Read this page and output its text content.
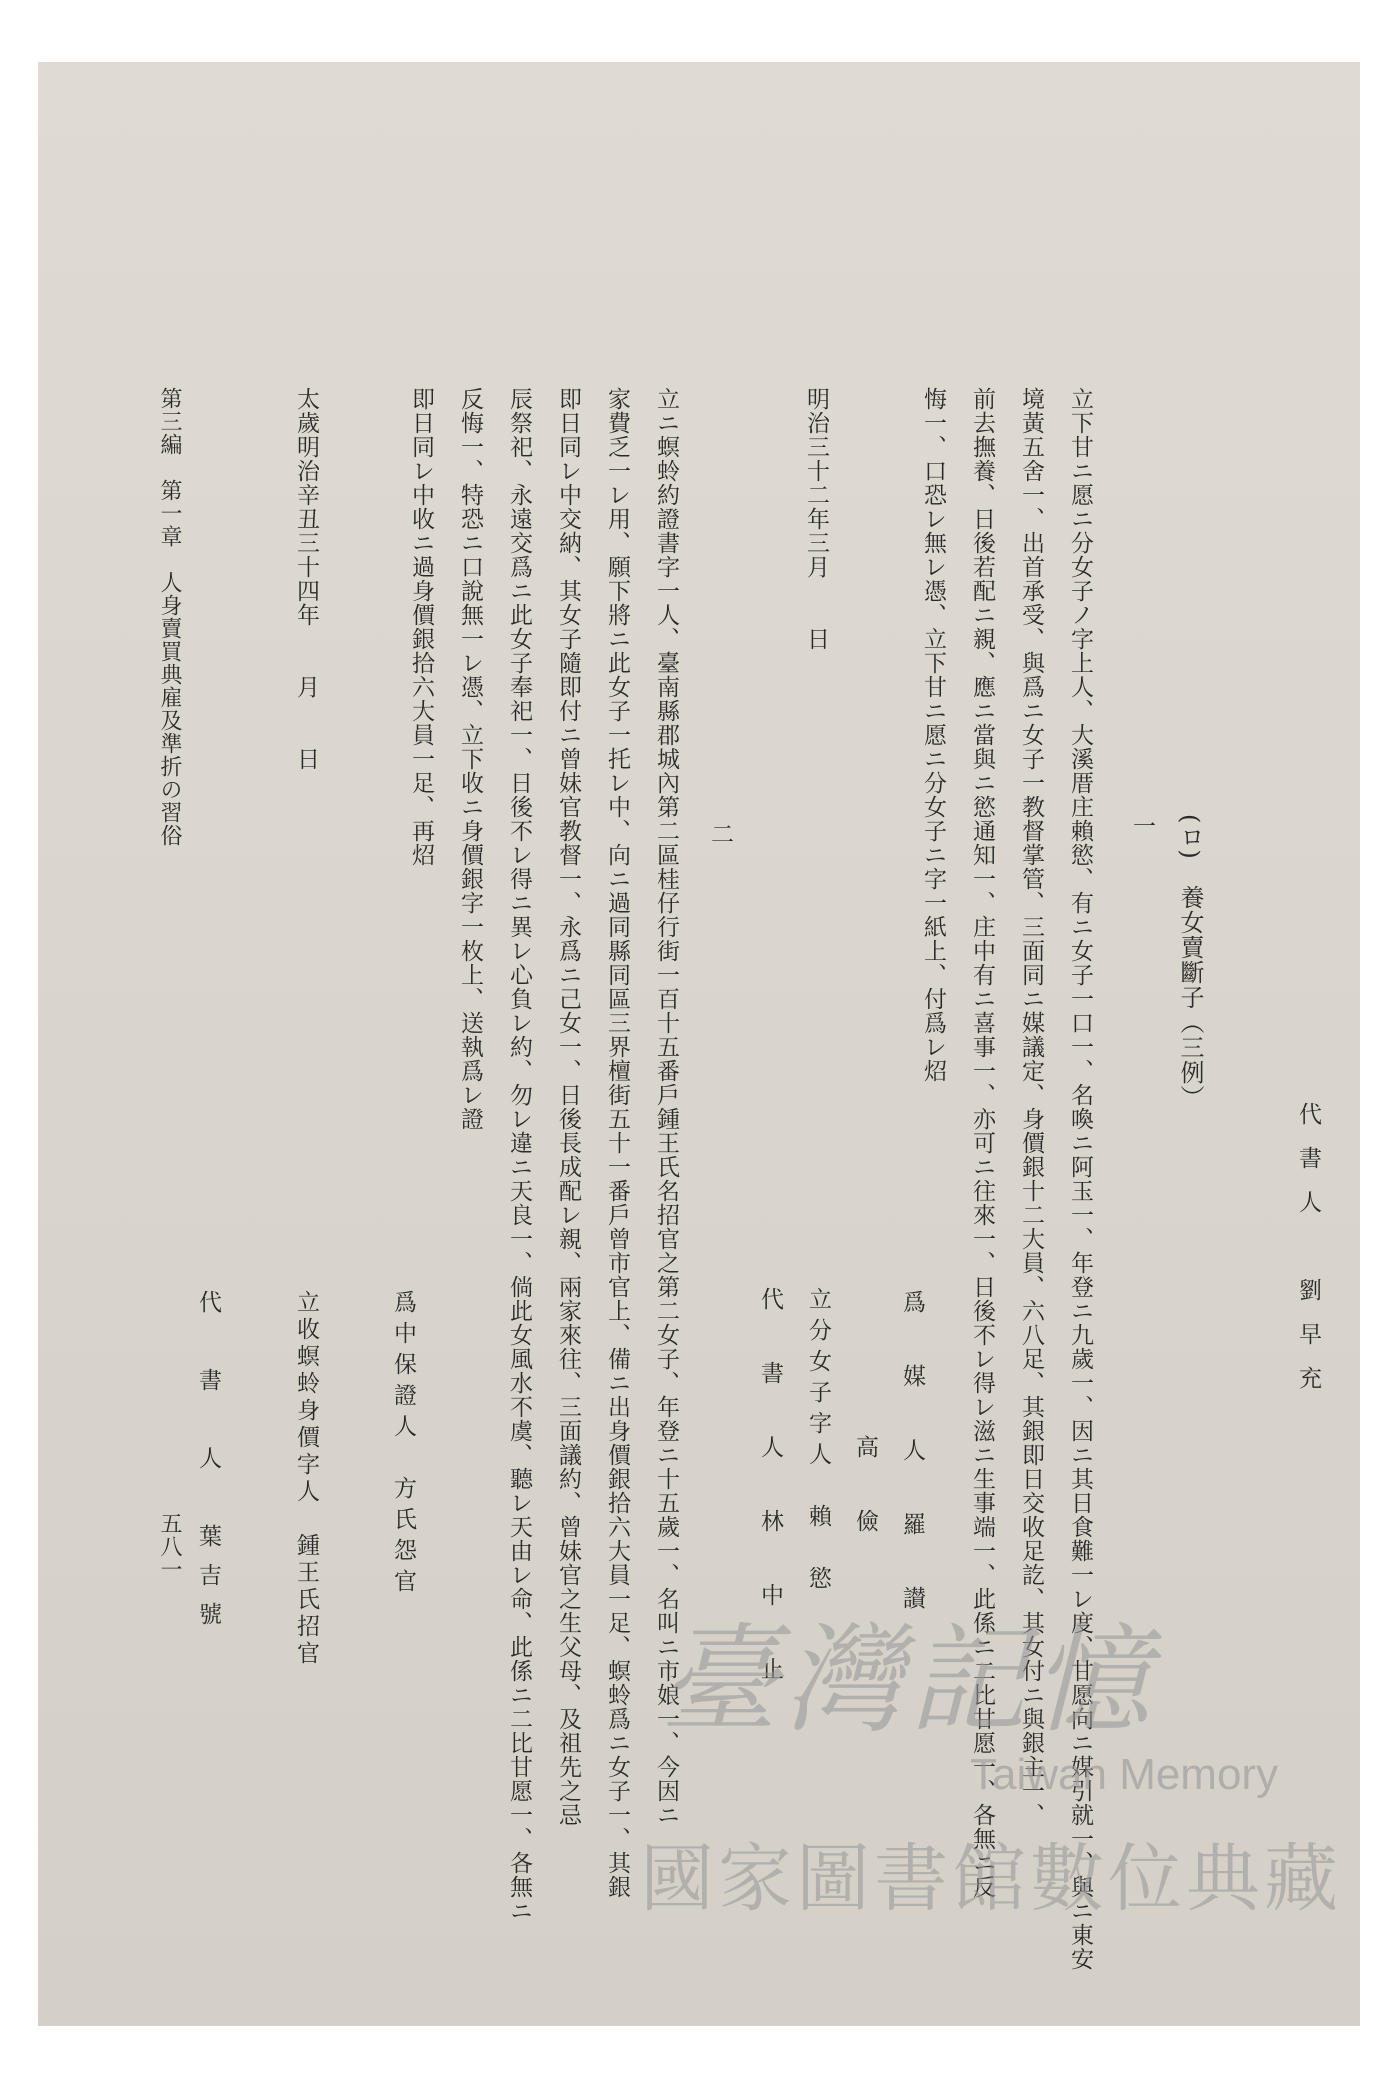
代書人　劉早充
(ロ)　養女賣斷子（三例）
一
立下甘ニ愿ニ分女子ノ字上人、大溪厝庄賴慾、有ニ女子一口一、名喚ニ阿玉一、年登ニ九歲一、因ニ其日食難一レ度、甘愿向ニ媒引就一、與ニ東安
境黃五舍一、出首承受、與爲ニ女子一教督掌管、三面同ニ媒議定、身價銀十二大員、六八足、其銀即日交收足訖、其女付ニ與銀主一、
前去撫養、日後若配ニ親、應ニ當與ニ慾通知一、庄中有ニ喜事一、亦可ニ往來一、日後不レ得レ滋ニ生事端一、此係ニ二比甘愿一、各無ニ反
悔一、口恐レ無レ憑、立下甘ニ愿ニ分女子ニ字一紙上、付爲レ炤
明治三十二年三月　　日
爲　媒　人　羅　讃
高　儉
立分女子字人　賴　慾
代　書　人　林　中　止
二
立ニ螟蛉約證書字一人、臺南縣郡城內第二區桂仔行街一百十五番戶鍾王氏名招官之第二女子、年登ニ十五歲一、名叫ニ市娘一、今因ニ
家費乏一レ用、願下將ニ此女子一托レ中、向ニ過同縣同區三界檀街五十一番戶曾市官上、備ニ出身價銀拾六大員一足、螟蛉爲ニ女子一、其銀
即日同レ中交納、其女子隨即付ニ曾妹官教督一、永爲ニ己女一、日後長成配レ親、兩家來往、三面議約、曾妹官之生父母、及祖先之忌
辰祭祀、永遠交爲ニ此女子奉祀一、日後不レ得ニ異レ心負レ約、勿レ違ニ天良一、倘此女風水不虞、聽レ天由レ命、此係ニ二比甘愿一、各無ニ
反悔一、特恐ニ口說無一レ憑、立下收ニ身價銀字一枚上、送執爲レ證
即日同レ中收ニ過身價銀拾六大員一足、再炤
太歲明治辛丑三十四年　　月　　日
爲中保證人　方氏怨官
立收螟蛉身價字人　鍾王氏招官
代　書　人　葉吉號
第三編　第一章　人身賣買典雇及準折の習俗
五八一
臺灣記憶
Taiwan Memory
國家圖書館數位典藏
